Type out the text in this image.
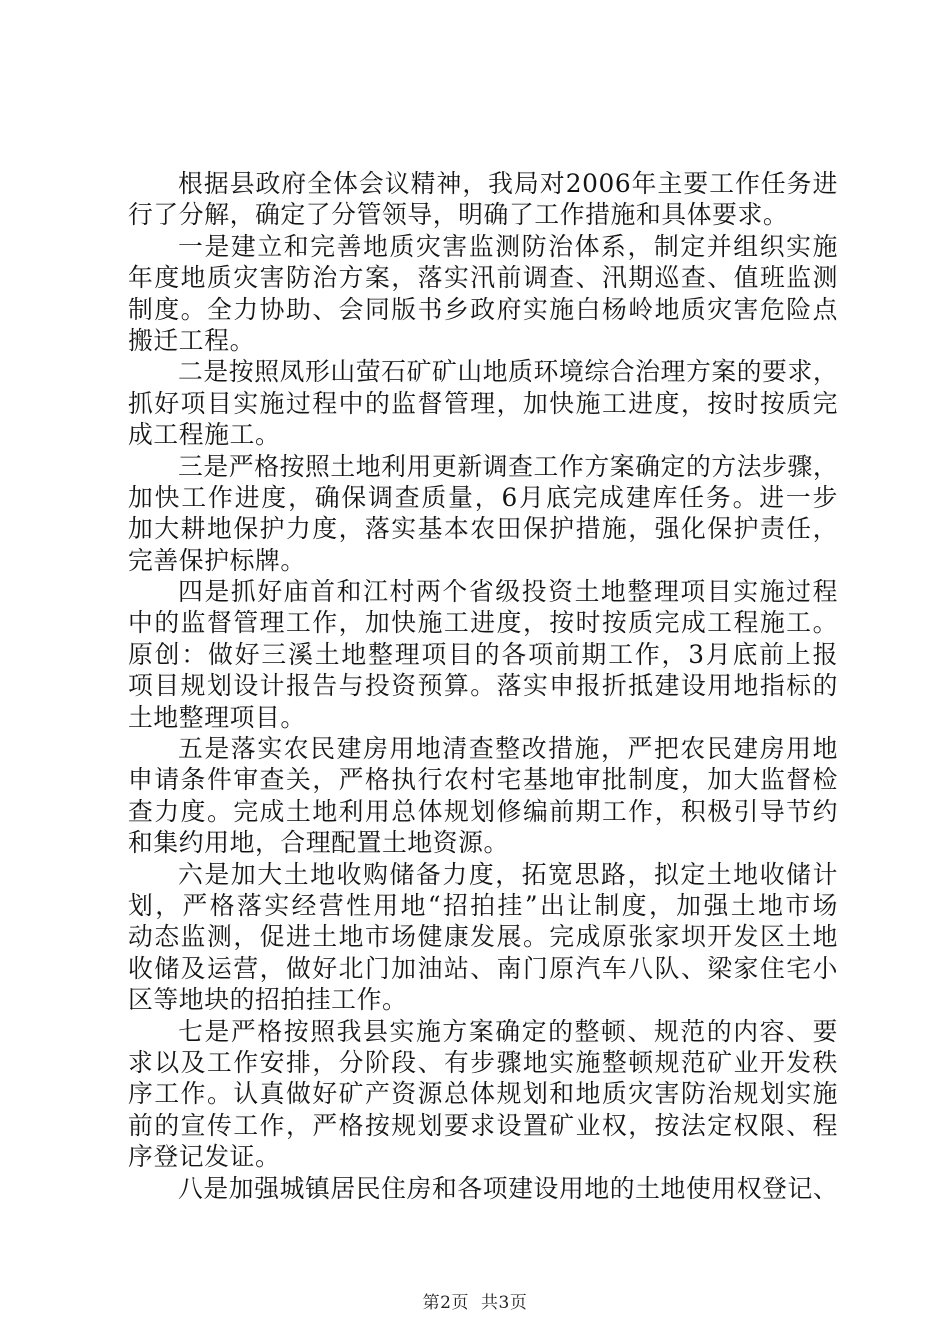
根据县政府全体会议精神，我局对2006年主要工作任务进
行了分解，确定了分管领导，明确了工作措施和具体要求。
一是建立和完善地质灾害监测防治体系，制定并组织实施
年度地质灾害防治方案，落实汛前调查、汛期巡查、值班监测
制度。全力协助、会同版书乡政府实施白杨岭地质灾害危险点
搬迁工程。
二是按照凤形山萤石矿矿山地质环境综合治理方案的要求，
抓好项目实施过程中的监督管理，加快施工进度，按时按质完
成工程施工。
三是严格按照土地利用更新调查工作方案确定的方法步骤，
加快工作进度，确保调查质量，6月底完成建库任务。进一步
加大耕地保护力度，落实基本农田保护措施，强化保护责任，
完善保护标牌。
四是抓好庙首和江村两个省级投资土地整理项目实施过程
中的监督管理工作，加快施工进度，按时按质完成工程施工。
原创：做好三溪土地整理项目的各项前期工作，3月底前上报
项目规划设计报告与投资预算。落实申报折抵建设用地指标的
土地整理项目。
五是落实农民建房用地清查整改措施，严把农民建房用地
申请条件审查关，严格执行农村宅基地审批制度，加大监督检
查力度。完成土地利用总体规划修编前期工作，积极引导节约
和集约用地，合理配置土地资源。
六是加大土地收购储备力度，拓宽思路，拟定土地收储计
划，严格落实经营性用地“招拍挂”出让制度，加强土地市场
动态监测，促进土地市场健康发展。完成原张家坝开发区土地
收储及运营，做好北门加油站、南门原汽车八队、梁家住宅小
区等地块的招拍挂工作。
七是严格按照我县实施方案确定的整顿、规范的内容、要
求以及工作安排，分阶段、有步骤地实施整顿规范矿业开发秩
序工作。认真做好矿产资源总体规划和地质灾害防治规划实施
前的宣传工作，严格按规划要求设置矿业权，按法定权限、程
序登记发证。
八是加强城镇居民住房和各项建设用地的土地使用权登记、
第2页 共3页
